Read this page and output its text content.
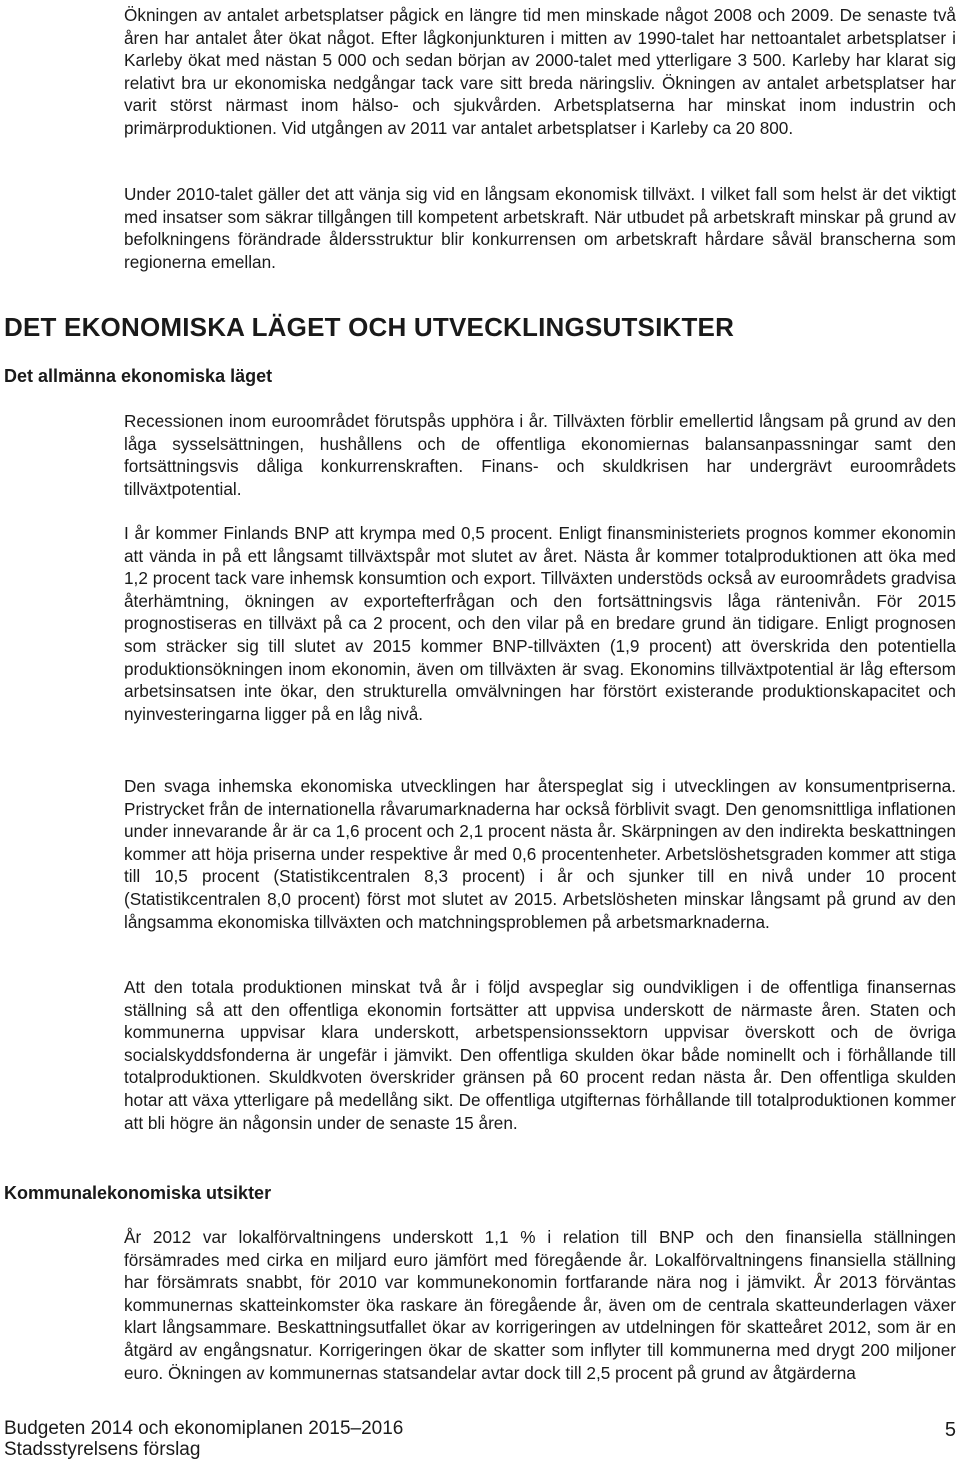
Ökningen av antalet arbetsplatser pågick en längre tid men minskade något 2008 och 2009. De senaste två åren har antalet åter ökat något. Efter lågkonjunkturen i mitten av 1990-talet har nettoantalet arbetsplatser i Karleby ökat med nästan 5 000 och sedan början av 2000-talet med ytterligare 3 500. Karleby har klarat sig relativt bra ur ekonomiska nedgångar tack vare sitt breda näringsliv. Ökningen av antalet arbetsplatser har varit störst närmast inom hälso- och sjukvården. Arbetsplatserna har minskat inom industrin och primärproduktionen. Vid utgången av 2011 var antalet arbetsplatser i Karleby ca 20 800.

Under 2010-talet gäller det att vänja sig vid en långsam ekonomisk tillväxt. I vilket fall som helst är det viktigt med insatser som säkrar tillgången till kompetent arbetskraft. När utbudet på arbetskraft minskar på grund av befolkningens förändrade åldersstruktur blir konkurrensen om arbetskraft hårdare såväl branscherna som regionerna emellan.

DET EKONOMISKA LÄGET OCH UTVECKLINGSUTSIKTER
Det allmänna ekonomiska läget

Recessionen inom euroområdet förutspås upphöra i år. Tillväxten förblir emellertid långsam på grund av den låga sysselsättningen, hushållens och de offentliga ekonomiernas balansanpassningar samt den fortsättningsvis dåliga konkurrenskraften. Finans- och skuldkrisen har undergrävt euroområdets tillväxtpotential.

I år kommer Finlands BNP att krympa med 0,5 procent. Enligt finansministeriets prognos kommer ekonomin att vända in på ett långsamt tillväxtspår mot slutet av året. Nästa år kommer totalproduktionen att öka med 1,2 procent tack vare inhemsk konsumtion och export. Tillväxten understöds också av euroområdets gradvisa återhämtning, ökningen av exportefterfrågan och den fortsättningsvis låga räntenivån. För 2015 prognostiseras en tillväxt på ca 2 procent, och den vilar på en bredare grund än tidigare. Enligt prognosen som sträcker sig till slutet av 2015 kommer BNP-tillväxten (1,9 procent) att överskrida den potentiella produktionsökningen inom ekonomin, även om tillväxten är svag. Ekonomins tillväxtpotential är låg eftersom arbetsinsatsen inte ökar, den strukturella omvälvningen har förstört existerande produktionskapacitet och nyinvesteringarna ligger på en låg nivå.

Den svaga inhemska ekonomiska utvecklingen har återspeglat sig i utvecklingen av konsumentpriserna. Pristrycket från de internationella råvarumarknaderna har också förblivit svagt. Den genomsnittliga inflationen under innevarande år är ca 1,6 procent och 2,1 procent nästa år. Skärpningen av den indirekta beskattningen kommer att höja priserna under respektive år med 0,6 procentenheter. Arbetslöshetsgraden kommer att stiga till 10,5 procent (Statistikcentralen 8,3 procent) i år och sjunker till en nivå under 10 procent (Statistikcentralen 8,0 procent) först mot slutet av 2015. Arbetslösheten minskar långsamt på grund av den långsamma ekonomiska tillväxten och matchningsproblemen på arbetsmarknaderna.

Att den totala produktionen minskat två år i följd avspeglar sig oundvikligen i de offentliga finansernas ställning så att den offentliga ekonomin fortsätter att uppvisa underskott de närmaste åren. Staten och kommunerna uppvisar klara underskott, arbetspensionssektorn uppvisar överskott och de övriga socialskyddsfonderna är ungefär i jämvikt. Den offentliga skulden ökar både nominellt och i förhållande till totalproduktionen. Skuldkvoten överskrider gränsen på 60 procent redan nästa år. Den offentliga skulden hotar att växa ytterligare på medellång sikt. De offentliga utgifternas förhållande till totalproduktionen kommer att bli högre än någonsin under de senaste 15 åren.

Kommunalekonomiska utsikter

År 2012 var lokalförvaltningens underskott 1,1 % i relation till BNP och den finansiella ställningen försämrades med cirka en miljard euro jämfört med föregående år. Lokalförvaltningens finansiella ställning har försämrats snabbt, för 2010 var kommunekonomin fortfarande nära nog i jämvikt. År 2013 förväntas kommunernas skatteinkomster öka raskare än föregående år, även om de centrala skatteunderlagen växer klart långsammare. Beskattningsutfallet ökar av korrigeringen av utdelningen för skatteåret 2012, som är en åtgärd av engångsnatur. Korrigeringen ökar de skatter som inflyter till kommunerna med drygt 200 miljoner euro. Ökningen av kommunernas statsandelar avtar dock till 2,5 procent på grund av åtgärderna

Budgeten 2014 och ekonomiplanen 2015–2016
Stadsstyrelsens förslag
5
